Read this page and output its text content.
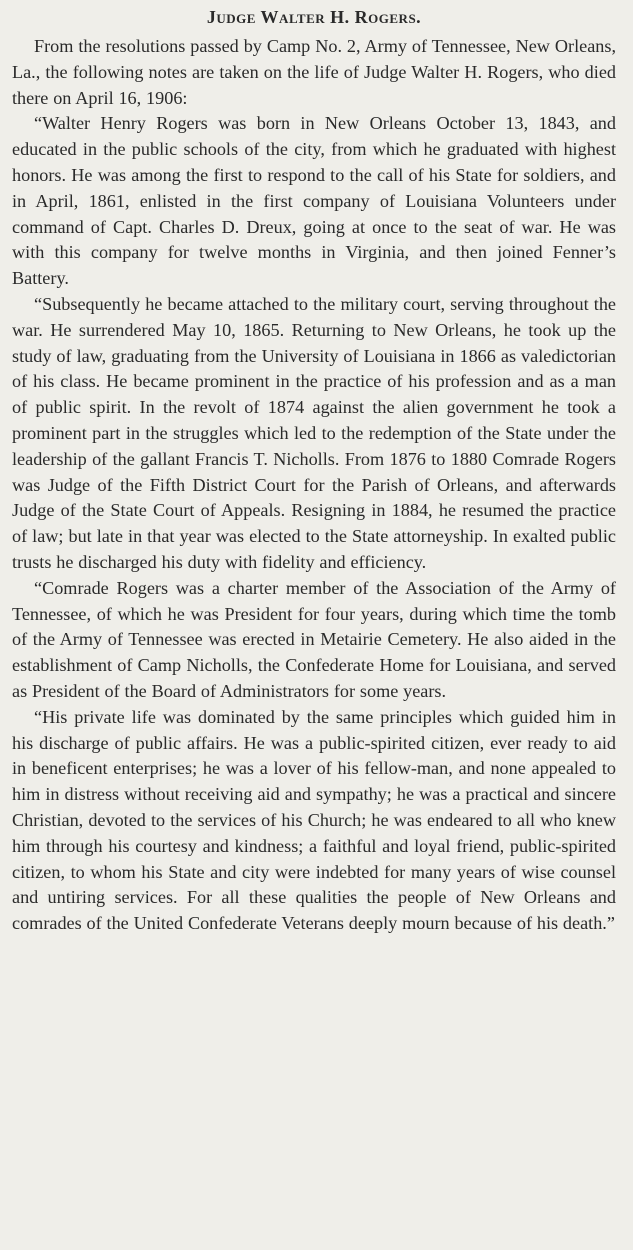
Judge Walter H. Rogers.

From the resolutions passed by Camp No. 2, Army of Tennessee, New Orleans, La., the following notes are taken on the life of Judge Walter H. Rogers, who died there on April 16, 1906:

“Walter Henry Rogers was born in New Orleans October 13, 1843, and educated in the public schools of the city, from which he graduated with highest honors. He was among the first to respond to the call of his State for soldiers, and in April, 1861, enlisted in the first company of Louisiana Volunteers under command of Capt. Charles D. Dreux, going at once to the seat of war. He was with this company for twelve months in Virginia, and then joined Fenner’s Battery.

“Subsequently he became attached to the military court, serving throughout the war. He surrendered May 10, 1865. Returning to New Orleans, he took up the study of law, graduating from the University of Louisiana in 1866 as valedictorian of his class. He became prominent in the practice of his profession and as a man of public spirit. In the revolt of 1874 against the alien government he took a prominent part in the struggles which led to the redemption of the State under the leadership of the gallant Francis T. Nicholls. From 1876 to 1880 Comrade Rogers was Judge of the Fifth District Court for the Parish of Orleans, and afterwards Judge of the State Court of Appeals. Resigning in 1884, he resumed the practice of law; but late in that year was elected to the State attorneyship. In exalted public trusts he discharged his duty with fidelity and efficiency.

“Comrade Rogers was a charter member of the Association of the Army of Tennessee, of which he was President for four years, during which time the tomb of the Army of Tennessee was erected in Metairie Cemetery. He also aided in the establishment of Camp Nicholls, the Confederate Home for Louisiana, and served as President of the Board of Administrators for some years.

“His private life was dominated by the same principles which guided him in his discharge of public affairs. He was a public-spirited citizen, ever ready to aid in beneficent enterprises; he was a lover of his fellow-man, and none appealed to him in distress without receiving aid and sympathy; he was a practical and sincere Christian, devoted to the services of his Church; he was endeared to all who knew him through his courtesy and kindness; a faithful and loyal friend, public-spirited citizen, to whom his State and city were indebted for many years of wise counsel and untiring services. For all these qualities the people of New Orleans and comrades of the United Confederate Veterans deeply mourn because of his death.”
